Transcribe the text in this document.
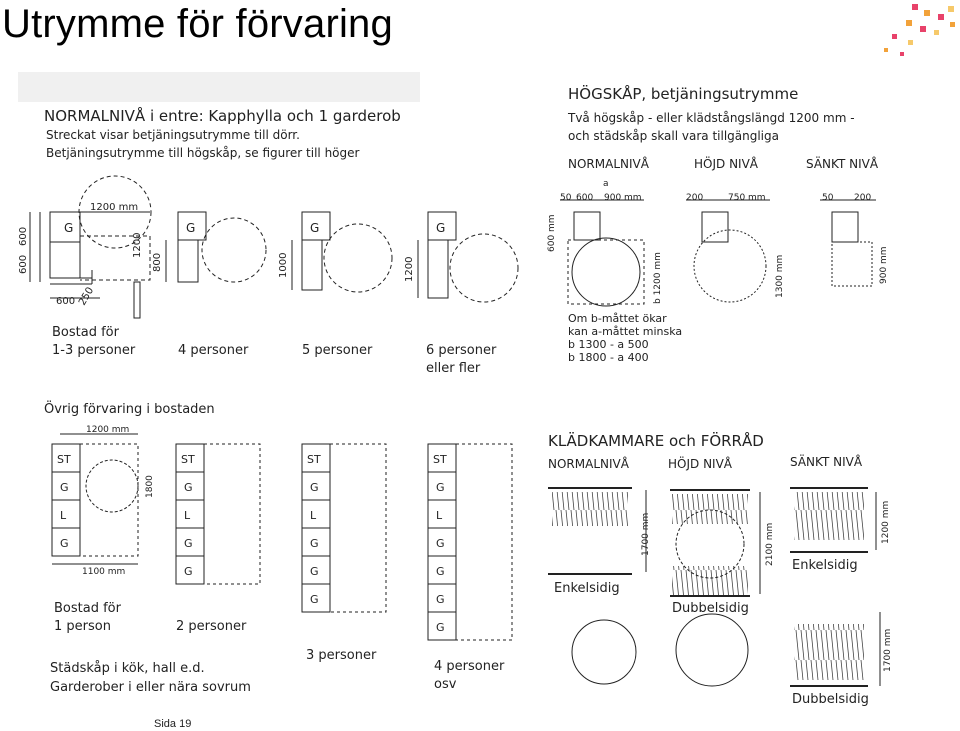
Utrymme för förvaring
NORMALNIVÅ i entre: Kapphylla och 1 garderob
Streckat visar betjäningsutrymme till dörr.
Betjäningsutrymme till högskåp, se figurer till höger
G
1200 mm
600
600
1200
600 250
G
800
G
1000
G
1200
Bostad för
1-3 personer	4 personer	5 personer	6 personer
eller fler
HÖGSKÅP, betjäningsutrymme
Två högskåp - eller klädstångslängd 1200 mm -
och städskåp skall vara tillgängliga
NORMALNIVÅ	HÖJD NIVÅ	SÄNKT NIVÅ
a
50 600 900 mm
600 mm
b 1200 mm
200	750 mm
1300 mm
50 200
900 mm
Om b-måttet ökar
kan a-måttet minska
b 1300 - a 500
b 1800 - a 400
Övrig förvaring i bostaden
ST
G
L
G
1200 mm
1800
1100 mm
ST
G
L
G
G
ST
G
L
G
G
G
ST
G
L
G
G
G
G
Bostad för
1 person	2 personer
3 personer
4 personer
osv
Städskåp i kök, hall e.d.
Garderober i eller nära sovrum
KLÄDKAMMARE och FÖRRÅD
NORMALNIVÅ	HÖJD NIVÅ	SÄNKT NIVÅ
1700 mm
Enkelsidig
2100 mm
Dubbelsidig
1200 mm
1700 mm
Enkelsidig
Dubbelsidig
Sida 19
